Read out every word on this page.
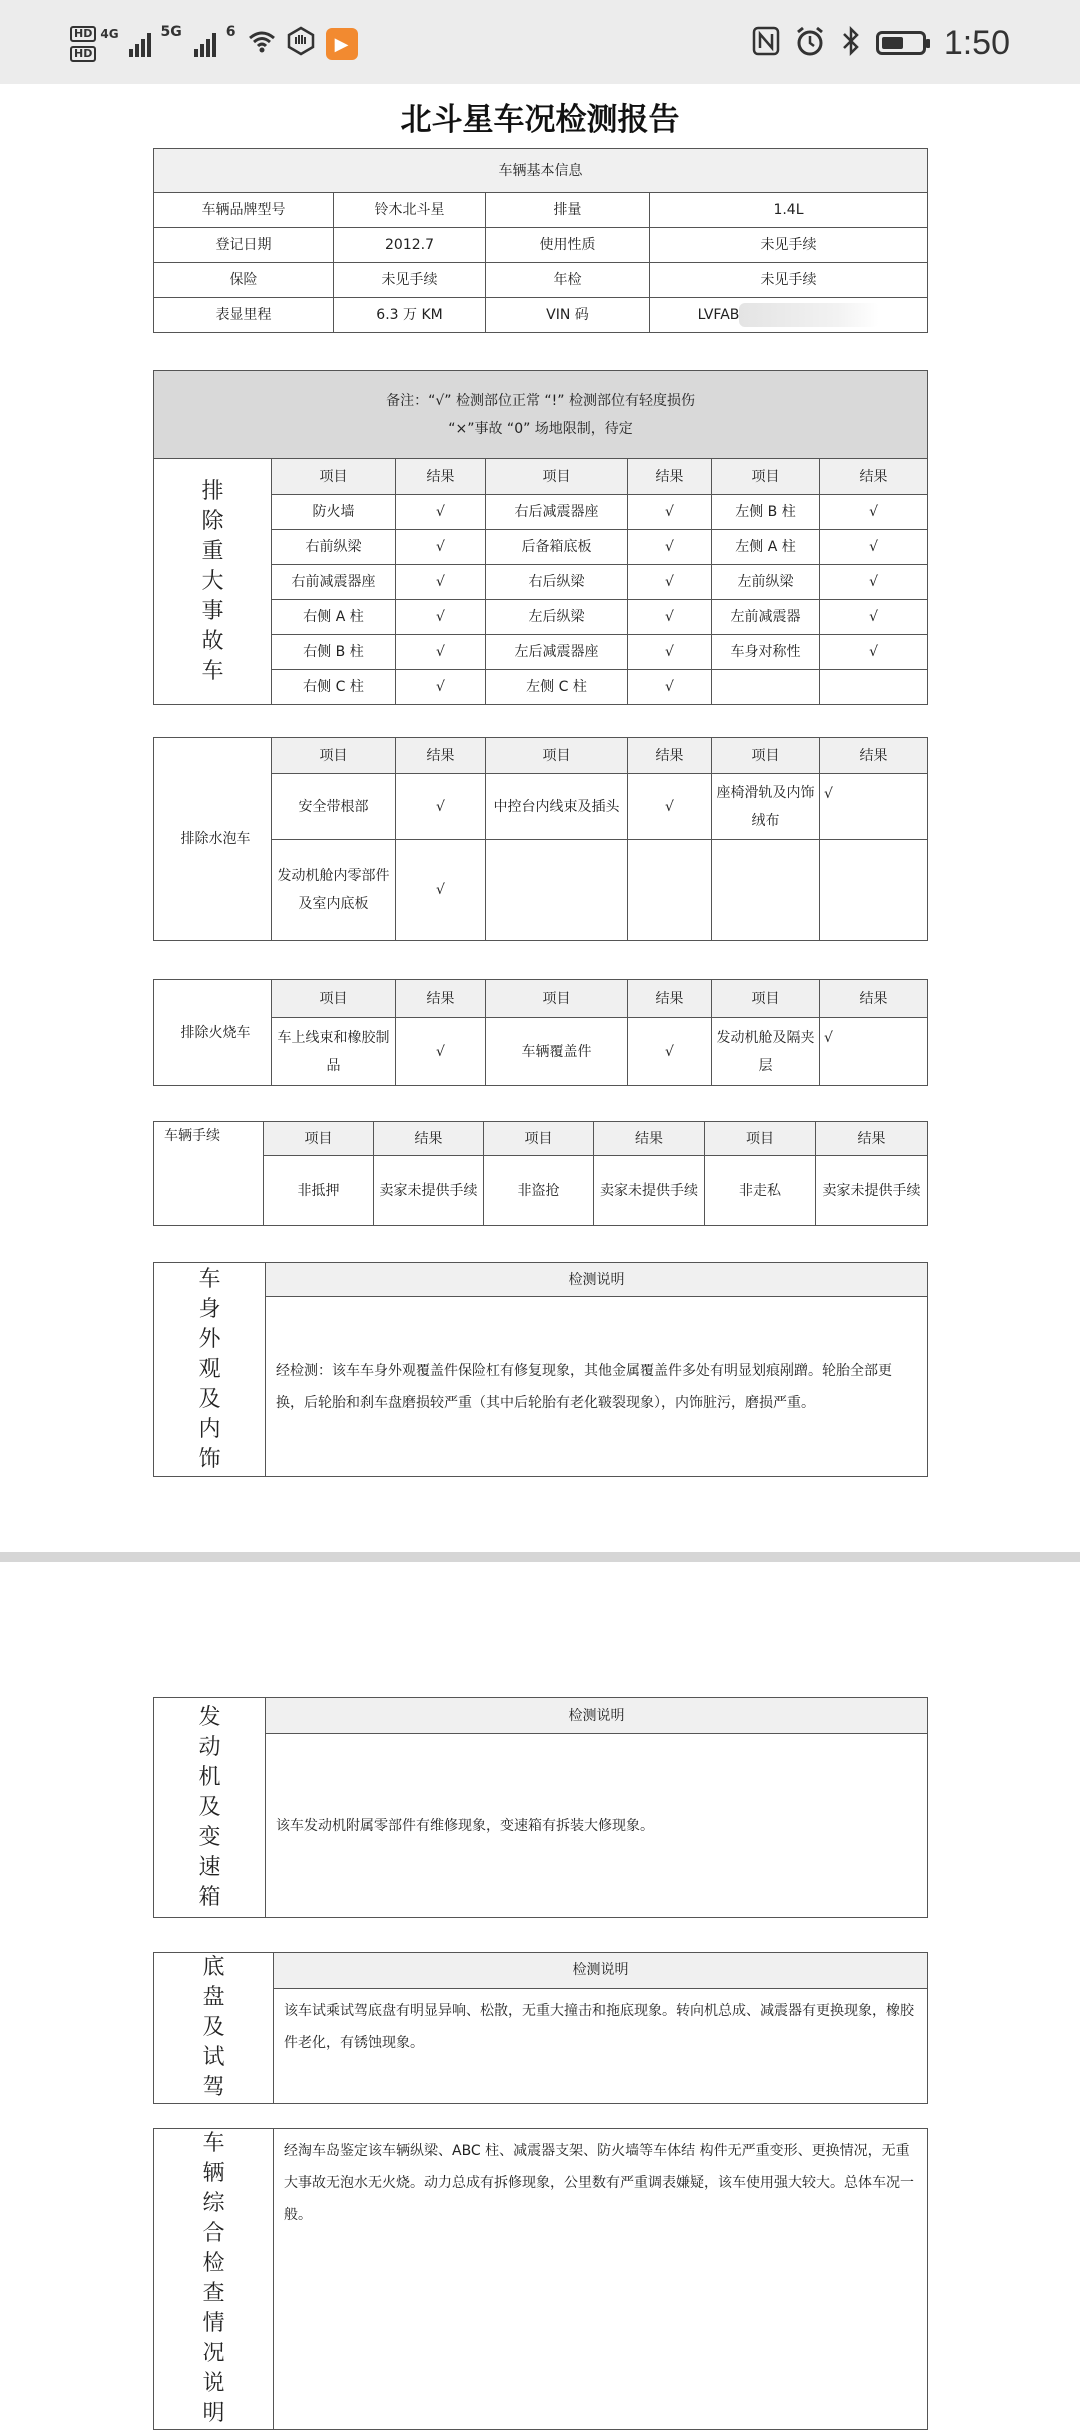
HD 4G
HD
5G	6
▶	1:50
北斗星车况检测报告
车辆基本信息			
车辆品牌型号	铃木北斗星	排量	1.4L
登记日期	2012.7	使用性质	未见手续
保险	未见手续	年检	未见手续
表显里程	6.3 万 KM	VIN 码	LVFAB
备注：“√” 检测部位正常 “!” 检测部位有轻度损伤
“×”事故 “0” 场地限制，待定						

排除重大事故车	项目	结果	项目	结果	项目	结果
	防火墙	√	右后减震器座	√	左侧 B 柱	√
	右前纵梁	√	后备箱底板	√	左侧 A 柱	√
	右前减震器座	√	右后纵梁	√	左前纵梁	√
	右侧 A 柱	√	左后纵梁	√	左前减震器	√
	右侧 B 柱	√	左后减震器座	√	车身对称性	√
	右侧 C 柱	√	左侧 C 柱	√		
排除水泡车	项目	结果	项目	结果	项目	结果
	安全带根部	√	中控台内线束及插头	√	座椅滑轨及内饰绒布	√
	发动机舱内零部件及室内底板	√				
排除火烧车	项目	结果	项目	结果	项目	结果
	车上线束和橡胶制品	√	车辆覆盖件	√	发动机舱及隔夹层	√
车辆手续	项目	结果	项目	结果	项目	结果
	非抵押	卖家未提供手续	非盗抢	卖家未提供手续	非走私	卖家未提供手续
车身外观及内饰
	检测说明
经检测：该车车身外观覆盖件保险杠有修复现象，其他金属覆盖件多处有明显划痕剐蹭。轮胎全部更换，后轮胎和刹车盘磨损较严重（其中后轮胎有老化皲裂现象），内饰脏污，磨损严重。
发动机及变速箱
	检测说明
该车发动机附属零部件有维修现象，变速箱有拆装大修现象。
底盘及试驾
	检测说明
该车试乘试驾底盘有明显异响、松散，无重大撞击和拖底现象。转向机总成、减震器有更换现象，橡胶件老化，有锈蚀现象。
车辆综合检查情况说明
	经淘车岛鉴定该车辆纵梁、ABC 柱、减震器支架、防火墙等车体结 构件无严重变形、更换情况，无重大事故无泡水无火烧。动力总成有拆修现象，公里数有严重调表嫌疑，该车使用强大较大。总体车况一般。
